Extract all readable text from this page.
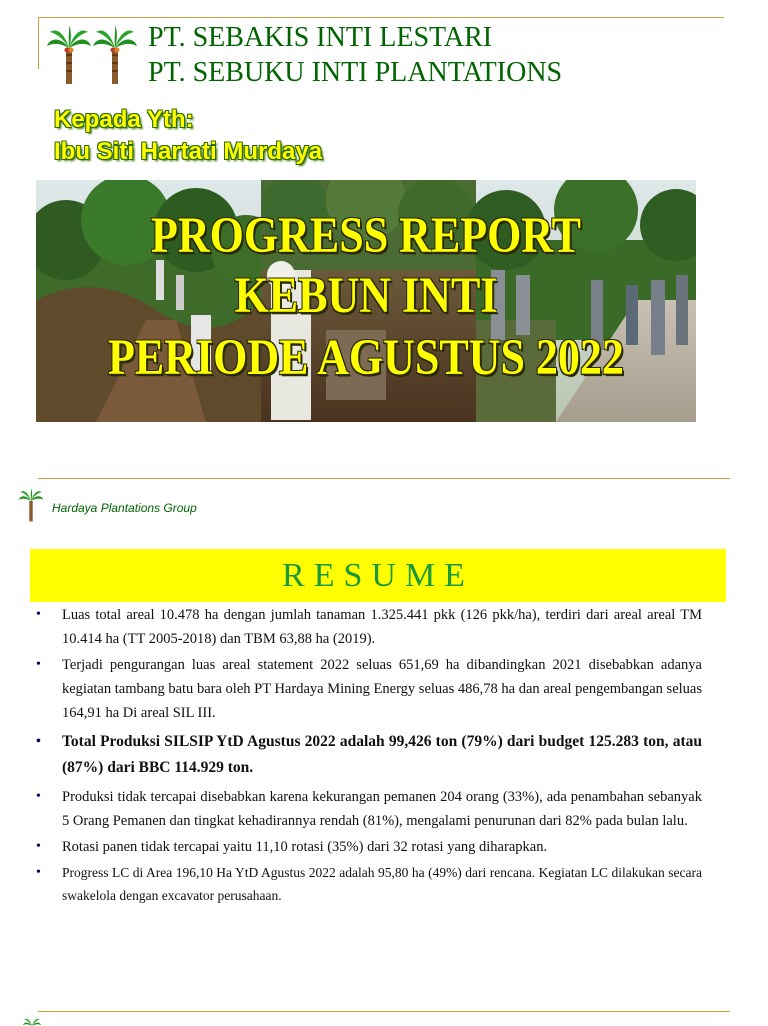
PT. SEBAKIS INTI LESTARI
PT. SEBUKU INTI PLANTATIONS
Kepada Yth:
Ibu Siti Hartati Murdaya
PROGRESS REPORT
KEBUN INTI
PERIODE AGUSTUS 2022
Hardaya Plantations Group
RESUME
• Luas total areal 10.478 ha dengan jumlah tanaman 1.325.441 pkk (126 pkk/ha), terdiri dari areal areal TM 10.414 ha (TT 2005-2018) dan TBM 63,88 ha (2019).
• Terjadi pengurangan luas areal statement 2022 seluas 651,69 ha dibandingkan 2021 disebabkan adanya kegiatan tambang batu bara oleh PT Hardaya Mining Energy seluas 486,78 ha dan areal pengembangan seluas 164,91 ha Di areal SIL III.
• Total Produksi SILSIP YtD Agustus 2022 adalah 99,426 ton (79%) dari budget 125.283 ton, atau (87%) dari BBC 114.929 ton.
• Produksi tidak tercapai disebabkan karena kekurangan pemanen 204 orang (33%), ada penambahan sebanyak 5 Orang Pemanen dan tingkat kehadirannya rendah (81%), mengalami penurunan dari 82% pada bulan lalu.
• Rotasi panen tidak tercapai yaitu 11,10 rotasi (35%) dari 32 rotasi yang diharapkan.
• Progress LC di Area 196,10 Ha YtD Agustus 2022 adalah 95,80 ha (49%) dari rencana. Kegiatan LC dilakukan secara swakelola dengan excavator perusahaan.
